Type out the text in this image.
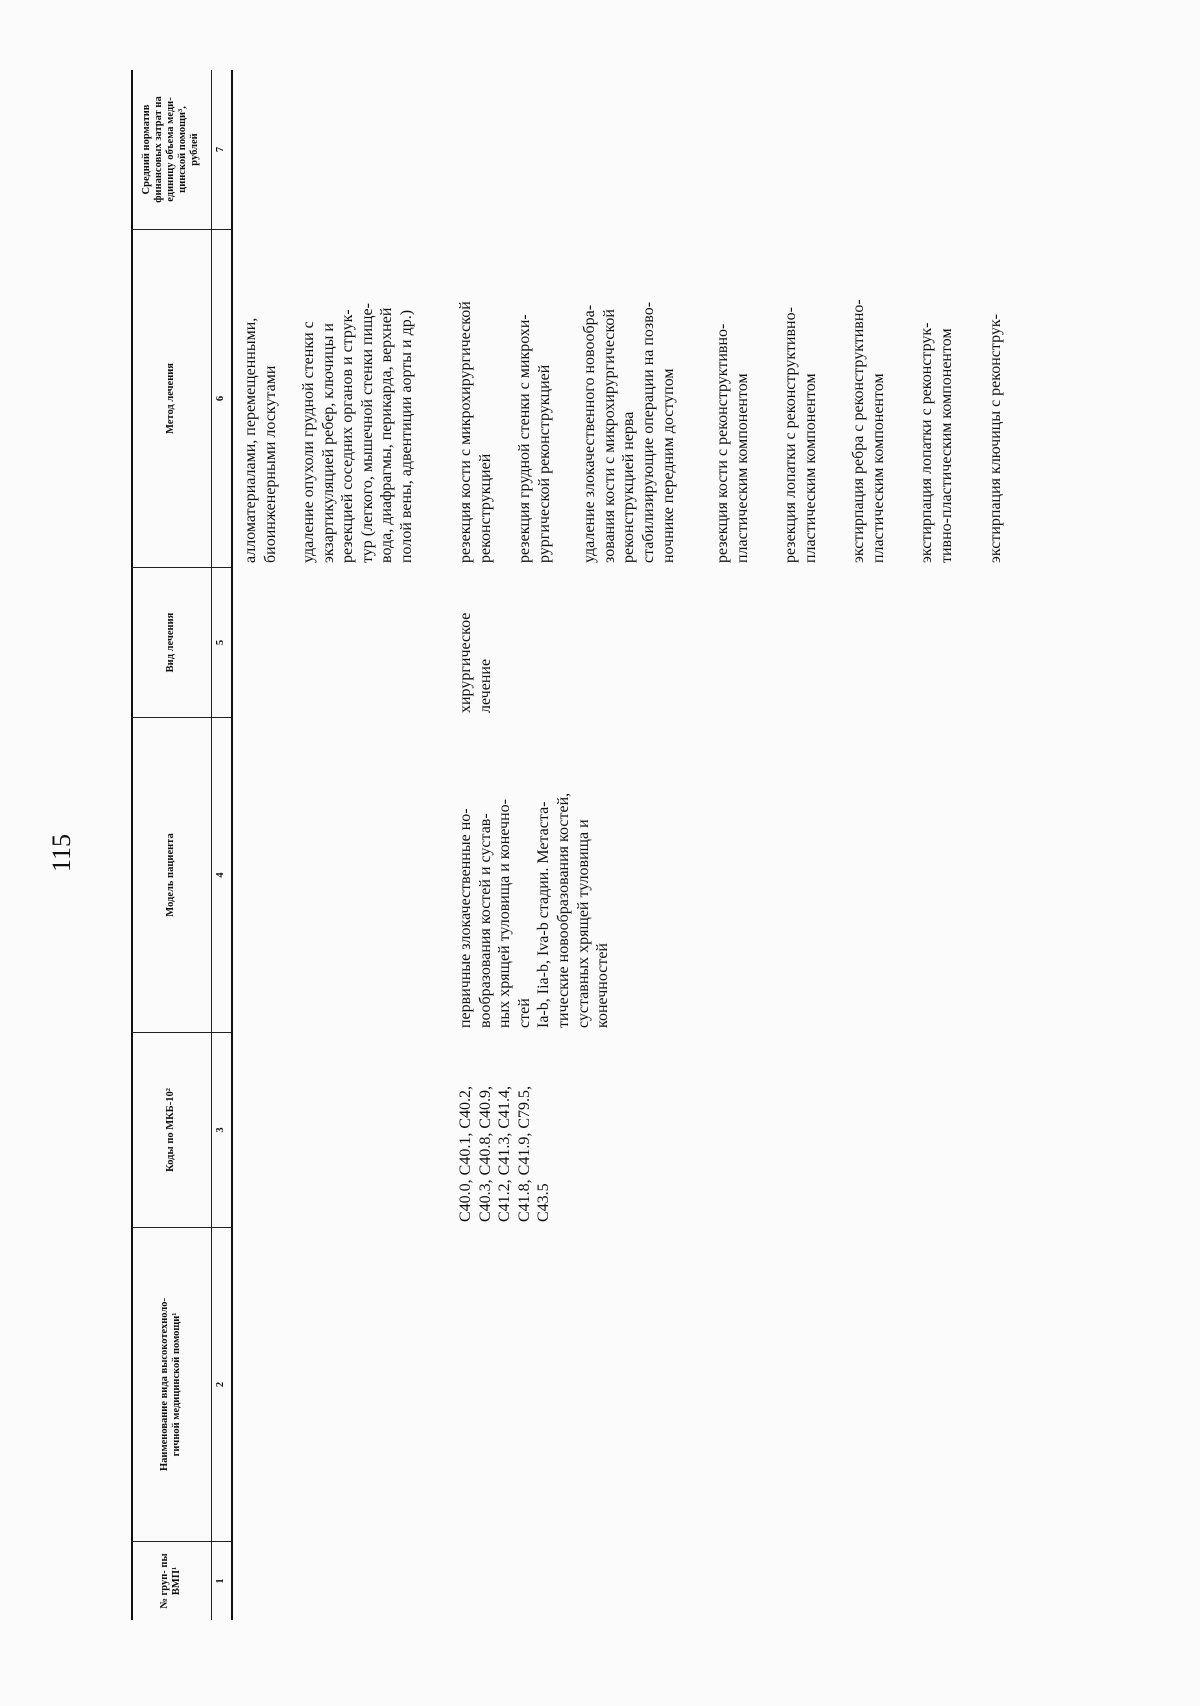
115
№ груп- пы ВМП¹
Наименование вида высокотехноло-
гичной медицинской помощи¹
Коды по МКБ-10²
Модель пациента
Вид лечения
Метод лечения
Средний норматив
финансовых затрат на
единицу объема меди-
цинской помощи³,
рублей
1
2
3
4
5
6
7
С40.0, С40.1, С40.2,
С40.3, С40.8, С40.9,
С41.2, С41.3, С41.4,
С41.8, С41.9, С79.5,
С43.5
первичные злокачественные но-
вообразования костей и сустав-
ных хрящей туловища и конечно-
стей
Ia-b, Iia-b, Iva-b стадии. Метаста-
тические новообразования костей,
суставных хрящей туловища и
конечностей
хирургическое
лечение
алломатериалами, перемещенными,
биоинженерными лоскутами
удаление опухоли грудной стенки с
экзартикуляцией ребер, ключицы и
резекцией соседних органов и струк-
тур (легкого, мышечной стенки пище-
вода, диафрагмы, перикарда, верхней
полой вены, адвентиции аорты и др.)
резекция кости с микрохирургической
реконструкцией резекция грудной стенки с микрохи-
рургической реконструкцией
удаление злокачественного новообра-
зования кости с микрохирургической
реконструкцией нерва
стабилизирующие операции на позво-
ночнике передним доступом
резекция кости с реконструктивно-
пластическим компонентом
резекция лопатки с реконструктивно-
пластическим компонентом
экстирпация ребра с реконструктивно-
пластическим компонентом
экстирпация лопатки с реконструк-
тивно-пластическим компонентом экстирпация ключицы с реконструк-
